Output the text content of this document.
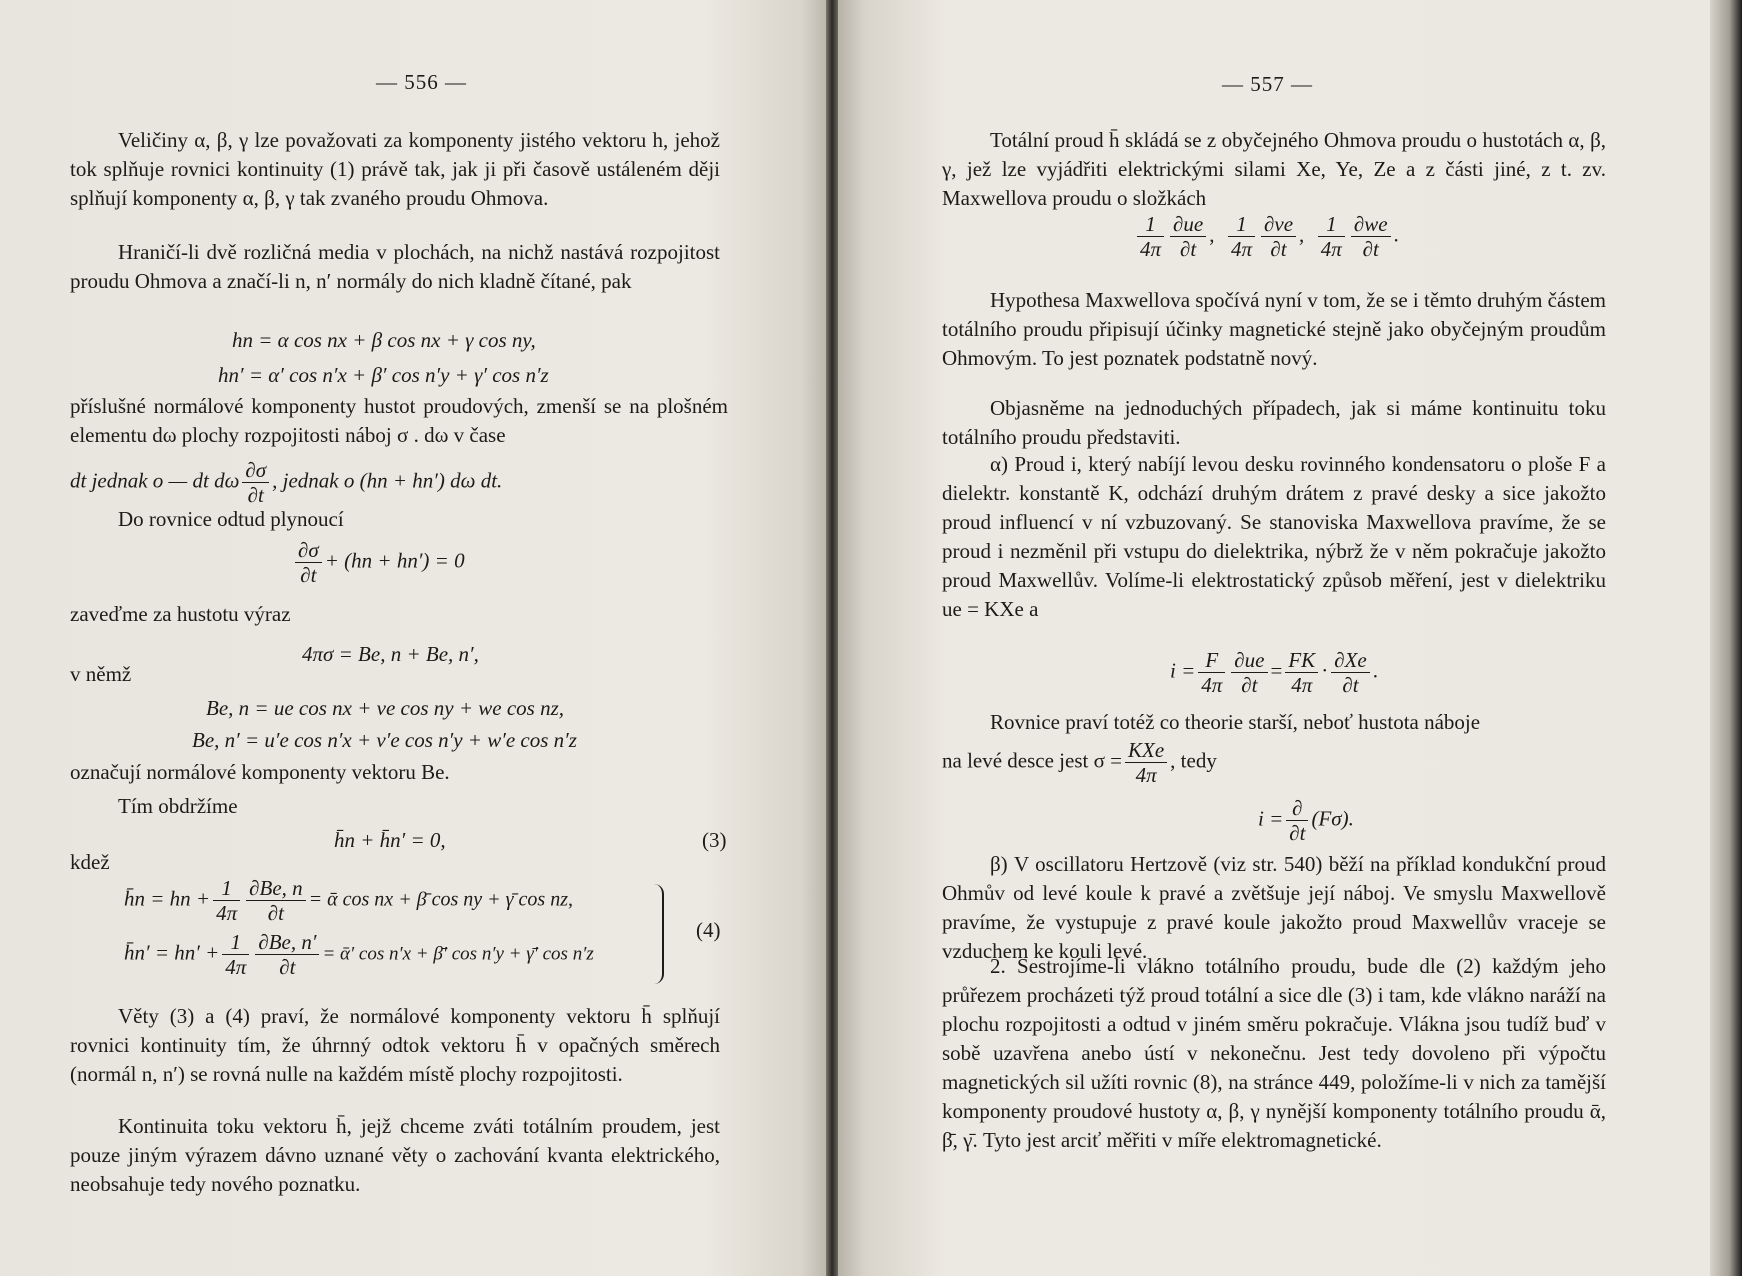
— 556 —

Veličiny α, β, γ lze považovati za komponenty jistého vektoru h, jehož tok splňuje rovnici kontinuity (1) právě tak, jak ji při časově ustáleném ději splňují komponenty α, β, γ tak zvaného proudu Ohmova.

Hraničí-li dvě rozličná media v plochách, na nichž nastává rozpojitost proudu Ohmova a značí-li n, n′ normály do nich kladně čítané, pak

hn = α cos nx + β cos nx + γ cos ny,
hn′ = α′ cos n′x + β′ cos n′y + γ′ cos n′z

příslušné normálové komponenty hustot proudových, zmenší se na plošném elementu dω plochy rozpojitosti náboj σ . dω v čase

dt jednak o — dt dω $\frac{\partial\sigma}{\partial t}$ , jednak o (hn + hn′) dω dt.

Do rovnice odtud plynoucí

$\frac{\partial\sigma}{\partial t} + (hn + hn') = 0$

zaveďme za hustotu výraz

4πσ = Be, n + Be, n′,

v němž

Be, n = ue cos nx + ve cos ny + we cos nz,
Be, n′ = u′e cos n′x + v′e cos n′y + w′e cos n′z

označují normálové komponenty vektoru Be.

Tím obdržíme

h̄n + h̄n′ = 0,	(3)

kdež

h̄n = hn + $\frac{1}{4\pi} \frac{\partial Be, n}{\partial t}$ = ᾱ cos nx + β̄ cos ny + γ̄ cos nz,
h̄n′ = $hn' + \frac{1}{4\pi} \frac{\partial Be, n'}{\partial t}$ = ᾱ′ cos n′x + β̄′ cos n′y + γ̄′ cos n′z
(4)

Věty (3) a (4) praví, že normálové komponenty vektoru h̄ splňují rovnici kontinuity tím, že úhrnný odtok vektoru h̄ v opačných směrech (normál n, n′) se rovná nulle na každém místě plochy rozpojitosti.

Kontinuita toku vektoru h̄, jejž chceme zváti totálním proudem, jest pouze jiným výrazem dávno uznané věty o zachování kvanta elektrického, neobsahuje tedy nového poznatku.

— 557 —

Totální proud h̄ skládá se z obyčejného Ohmova proudu o hustotách α, β, γ, jež lze vyjádřiti elektrickými silami Xe, Ye, Ze a z části jiné, z t. zv. Maxwellova proudu o složkách

$\frac{1}{4\pi} \frac{\partial ue}{\partial t}$ , $\frac{1}{4\pi} \frac{\partial ve}{\partial t}$ , $\frac{1}{4\pi} \frac{\partial we}{\partial t}$ .

Hypothesa Maxwellova spočívá nyní v tom, že se i těmto druhým částem totálního proudu připisují účinky magnetické stejně jako obyčejným proudům Ohmovým. To jest poznatek podstatně nový.

Objasněme na jednoduchých případech, jak si máme kontinuitu toku totálního proudu představiti.

α) Proud i, který nabíjí levou desku rovinného kondensatoru o ploše F a dielektr. konstantě K, odchází druhým drátem z pravé desky a sice jakožto proud influencí v ní vzbuzovaný. Se stanoviska Maxwellova pravíme, že se proud i nezměnil při vstupu do dielektrika, nýbrž že v něm pokračuje jakožto proud Maxwellův. Volíme-li elektrostatický způsob měření, jest v dielektriku ue = KXe a

$i = \frac{F}{4\pi} \frac{\partial ue}{\partial t} = \frac{FK}{4\pi} \cdot \frac{\partial Xe}{\partial t}$ .

Rovnice praví totéž co theorie starší, neboť hustota náboje

na levé desce jest $\sigma = \frac{\text{KXe}}{4\pi}$ , tedy
$i = \frac{\partial}{\partial t} (F\sigma)$.

β) V oscillatoru Hertzově (viz str. 540) běží na příklad kondukční proud Ohmův od levé koule k pravé a zvětšuje její náboj. Ve smyslu Maxwellově pravíme, že vystupuje z pravé koule jakožto proud Maxwellův vraceje se vzduchem ke kouli levé.

2. Sestrojíme-li vlákno totálního proudu, bude dle (2) každým jeho průřezem procházeti týž proud totální a sice dle (3) i tam, kde vlákno naráží na plochu rozpojitosti a odtud v jiném směru pokračuje. Vlákna jsou tudíž buď v sobě uzavřena anebo ústí v nekonečnu. Jest tedy dovoleno při výpočtu magnetických sil užíti rovnic (8), na stránce 449, položíme-li v nich za tamější komponenty proudové hustoty α, β, γ nynější komponenty totálního proudu ᾱ, β̄, γ̄. Tyto jest arciť měřiti v míře elektromagnetické.
